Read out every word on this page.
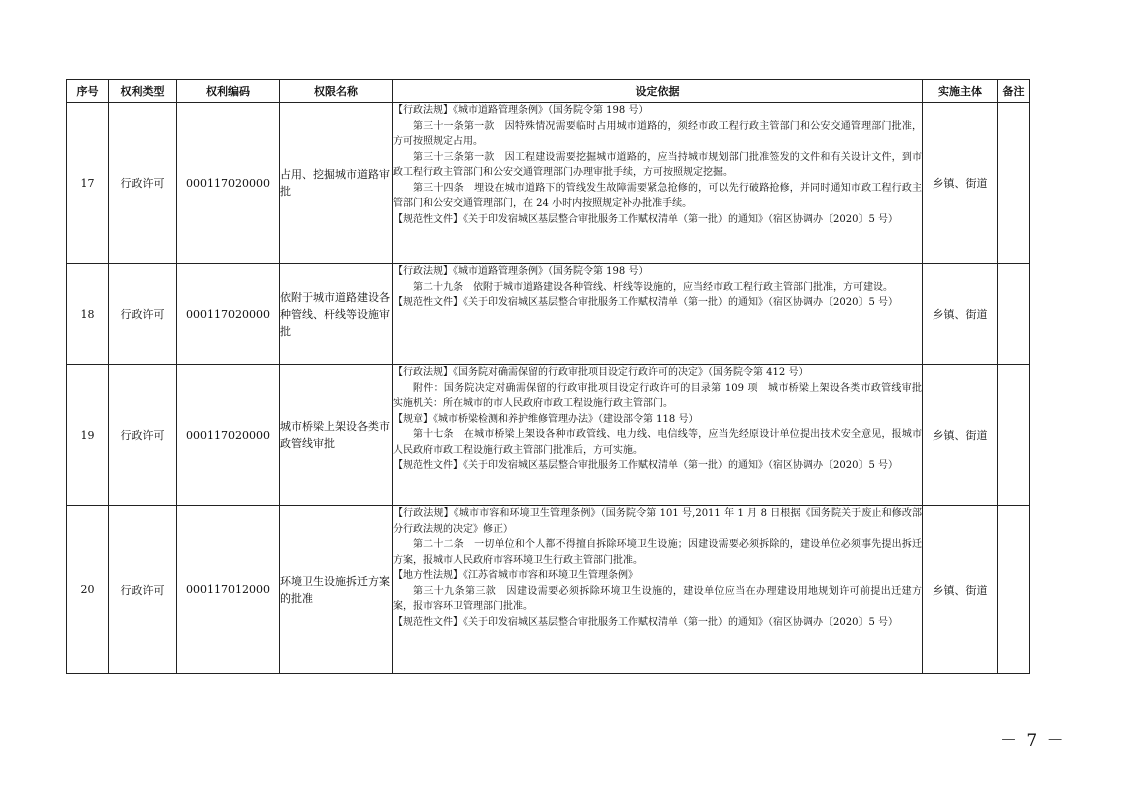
序号	权利类型	权利编码	权限名称	设定依据	实施主体	备注
17	行政许可	000117020000	占用、挖掘城市道路审批	【行政法规】《城市道路管理条例》（国务院令第 198 号）

第三十一条第一款　因特殊情况需要临时占用城市道路的，须经市政工程行政主管部门和公安交通管理部门批准，方可按照规定占用。

第三十三条第一款　因工程建设需要挖掘城市道路的，应当持城市规划部门批准签发的文件和有关设计文件，到市政工程行政主管部门和公安交通管理部门办理审批手续，方可按照规定挖掘。

第三十四条　埋设在城市道路下的管线发生故障需要紧急抢修的，可以先行破路抢修，并同时通知市政工程行政主管部门和公安交通管理部门，在 24 小时内按照规定补办批准手续。

【规范性文件】《关于印发宿城区基层整合审批服务工作赋权清单（第一批）的通知》（宿区协调办〔2020〕5 号）	乡镇、街道	
18	行政许可	000117020000	依附于城市道路建设各种管线、杆线等设施审批	【行政法规】《城市道路管理条例》（国务院令第 198 号）

第二十九条　依附于城市道路建设各种管线、杆线等设施的，应当经市政工程行政主管部门批准，方可建设。

【规范性文件】《关于印发宿城区基层整合审批服务工作赋权清单（第一批）的通知》（宿区协调办〔2020〕5 号）	乡镇、街道	
19	行政许可	000117020000	城市桥梁上架设各类市政管线审批	【行政法规】《国务院对确需保留的行政审批项目设定行政许可的决定》（国务院令第 412 号）

附件：国务院决定对确需保留的行政审批项目设定行政许可的目录第 109 项　城市桥梁上架设各类市政管线审批　实施机关：所在城市的市人民政府市政工程设施行政主管部门。

【规章】《城市桥梁检测和养护维修管理办法》（建设部令第 118 号）

第十七条　在城市桥梁上架设各种市政管线、电力线、电信线等，应当先经原设计单位提出技术安全意见，报城市人民政府市政工程设施行政主管部门批准后，方可实施。

【规范性文件】《关于印发宿城区基层整合审批服务工作赋权清单（第一批）的通知》（宿区协调办〔2020〕5 号）	乡镇、街道	
20	行政许可	000117012000	环境卫生设施拆迁方案的批准	【行政法规】《城市市容和环境卫生管理条例》（国务院令第 101 号,2011 年 1 月 8 日根据《国务院关于废止和修改部分行政法规的决定》修正）

第二十二条　一切单位和个人都不得擅自拆除环境卫生设施；因建设需要必须拆除的，建设单位必须事先提出拆迁方案，报城市人民政府市容环境卫生行政主管部门批准。

【地方性法规】《江苏省城市市容和环境卫生管理条例》

第三十九条第三款　因建设需要必须拆除环境卫生设施的，建设单位应当在办理建设用地规划许可前提出迁建方案，报市容环卫管理部门批准。

【规范性文件】《关于印发宿城区基层整合审批服务工作赋权清单（第一批）的通知》（宿区协调办〔2020〕5 号）	乡镇、街道	
－ 7 －
